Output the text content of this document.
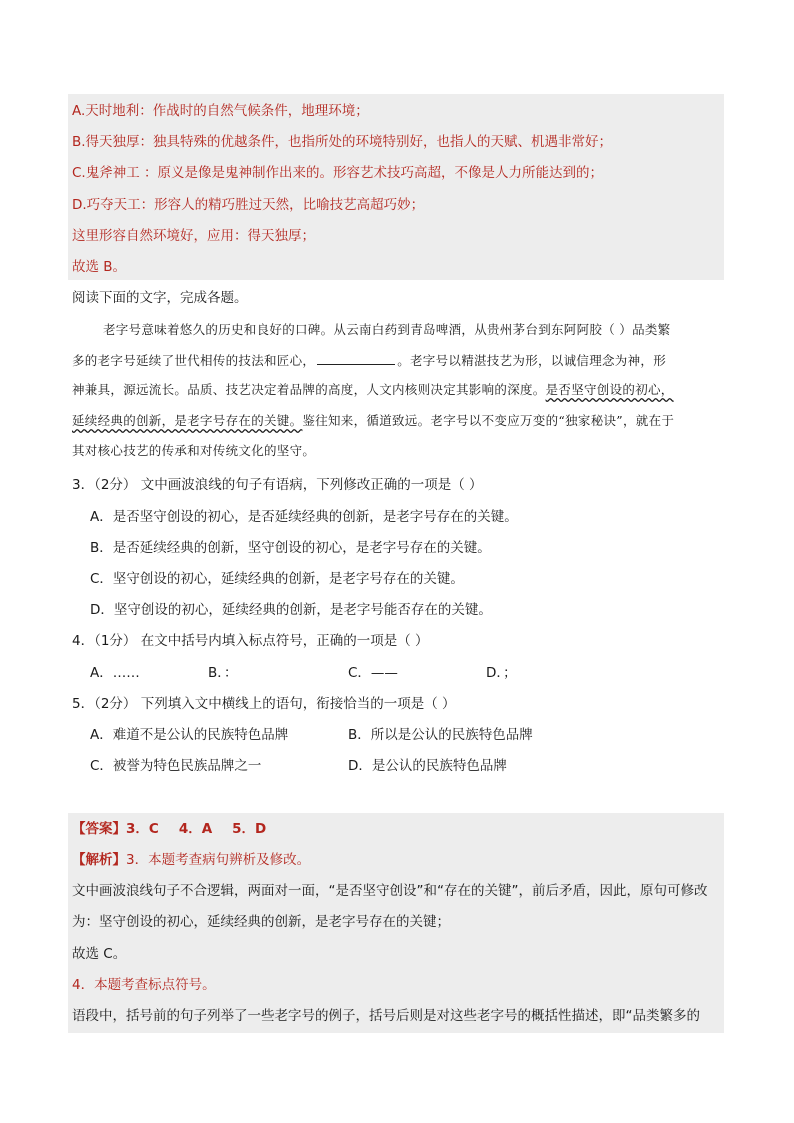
A.天时地利：作战时的自然气候条件，地理环境；
B.得天独厚：独具特殊的优越条件，也指所处的环境特别好，也指人的天赋、机遇非常好；
C.鬼斧神工 ：原义是像是鬼神制作出来的。形容艺术技巧高超，不像是人力所能达到的；
D.巧夺天工：形容人的精巧胜过天然，比喻技艺高超巧妙；
这里形容自然环境好，应用：得天独厚；
故选 B。
阅读下面的文字，完成各题。
老字号意味着悠久的历史和良好的口碑。从云南白药到青岛啤酒，从贵州茅台到东阿阿胶（ ）品类繁
多的老字号延续了世代相传的技法和匠心，	。老字号以精湛技艺为形，以诚信理念为神，形
神兼具，源远流长。品质、技艺决定着品牌的高度，人文内核则决定其影响的深度。是否坚守创设的初心，
延续经典的创新，是老字号存在的关键。鉴往知来，循道致远。老字号以不变应万变的“独家秘诀”，就在于
其对核心技艺的传承和对传统文化的坚守。
3．（2分） 文中画波浪线的句子有语病，下列修改正确的一项是（ ）
A．是否坚守创设的初心，是否延续经典的创新，是老字号存在的关键。
B．是否延续经典的创新，坚守创设的初心，是老字号存在的关键。
C．坚守创设的初心，延续经典的创新，是老字号存在的关键。
D．坚守创设的初心，延续经典的创新，是老字号能否存在的关键。
4．（1分） 在文中括号内填入标点符号，正确的一项是（ ）
A．……	B．：	C．——	D．；
5．（2分） 下列填入文中横线上的语句，衔接恰当的一项是（ ）
A．难道不是公认的民族特色品牌	B．所以是公认的民族特色品牌
C．被誉为特色民族品牌之一	D．是公认的民族特色品牌
【答案】3．C 4．A 5．D
【解析】3．本题考查病句辨析及修改。
文中画波浪线句子不合逻辑，两面对一面，“是否坚守创设”和“存在的关键”，前后矛盾，因此，原句可修改
为：坚守创设的初心，延续经典的创新，是老字号存在的关键；
故选 C。
4．本题考查标点符号。
语段中，括号前的句子列举了一些老字号的例子，括号后则是对这些老字号的概括性描述，即“品类繁多的
